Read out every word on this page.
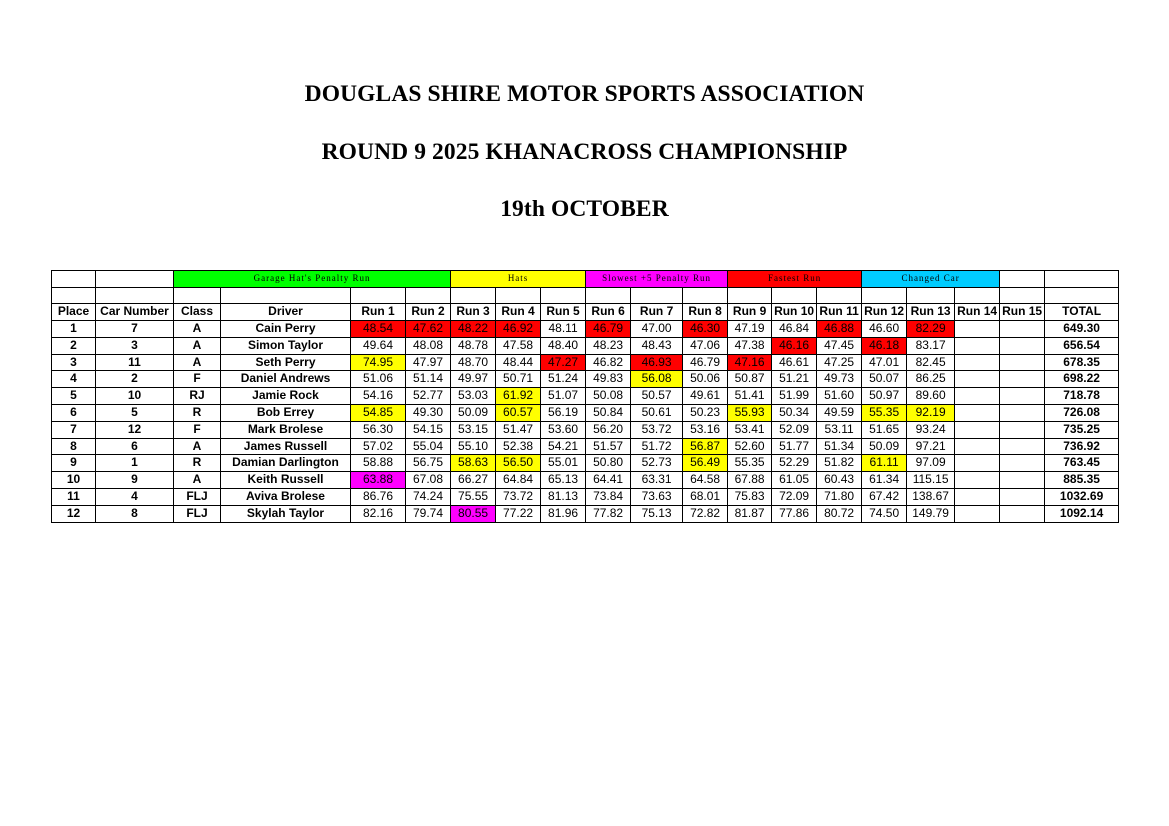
DOUGLAS SHIRE MOTOR SPORTS ASSOCIATION
ROUND 9 2025 KHANACROSS CHAMPIONSHIP
19th OCTOBER
		Garage Hat's Penalty Run				Hats			Slowest +5 Penalty Run			Fastest Run			Changed Car					

Place	Car Number	Class	Driver	Run 1	Run 2	Run 3	Run 4	Run 5	Run 6	Run 7	Run 8	Run 9	Run 10	Run 11	Run 12	Run 13	Run 14	Run 15	TOTAL	
1	7	A	Cain Perry	48.54	47.62	48.22	46.92	48.11	46.79	47.00	46.30	47.19	46.84	46.88	46.60	82.29			649.30	
2	3	A	Simon Taylor	49.64	48.08	48.78	47.58	48.40	48.23	48.43	47.06	47.38	46.16	47.45	46.18	83.17			656.54	
3	11	A	Seth Perry	74.95	47.97	48.70	48.44	47.27	46.82	46.93	46.79	47.16	46.61	47.25	47.01	82.45			678.35	
4	2	F	Daniel Andrews	51.06	51.14	49.97	50.71	51.24	49.83	56.08	50.06	50.87	51.21	49.73	50.07	86.25			698.22	
5	10	RJ	Jamie Rock	54.16	52.77	53.03	61.92	51.07	50.08	50.57	49.61	51.41	51.99	51.60	50.97	89.60			718.78	
6	5	R	Bob Errey	54.85	49.30	50.09	60.57	56.19	50.84	50.61	50.23	55.93	50.34	49.59	55.35	92.19			726.08	
7	12	F	Mark Brolese	56.30	54.15	53.15	51.47	53.60	56.20	53.72	53.16	53.41	52.09	53.11	51.65	93.24			735.25	
8	6	A	James Russell	57.02	55.04	55.10	52.38	54.21	51.57	51.72	56.87	52.60	51.77	51.34	50.09	97.21			736.92	
9	1	R	Damian Darlington	58.88	56.75	58.63	56.50	55.01	50.80	52.73	56.49	55.35	52.29	51.82	61.11	97.09			763.45	
10	9	A	Keith Russell	63.88	67.08	66.27	64.84	65.13	64.41	63.31	64.58	67.88	61.05	60.43	61.34	115.15			885.35	
11	4	FLJ	Aviva Brolese	86.76	74.24	75.55	73.72	81.13	73.84	73.63	68.01	75.83	72.09	71.80	67.42	138.67			1032.69	
12	8	FLJ	Skylah Taylor	82.16	79.74	80.55	77.22	81.96	77.82	75.13	72.82	81.87	77.86	80.72	74.50	149.79			1092.14	
